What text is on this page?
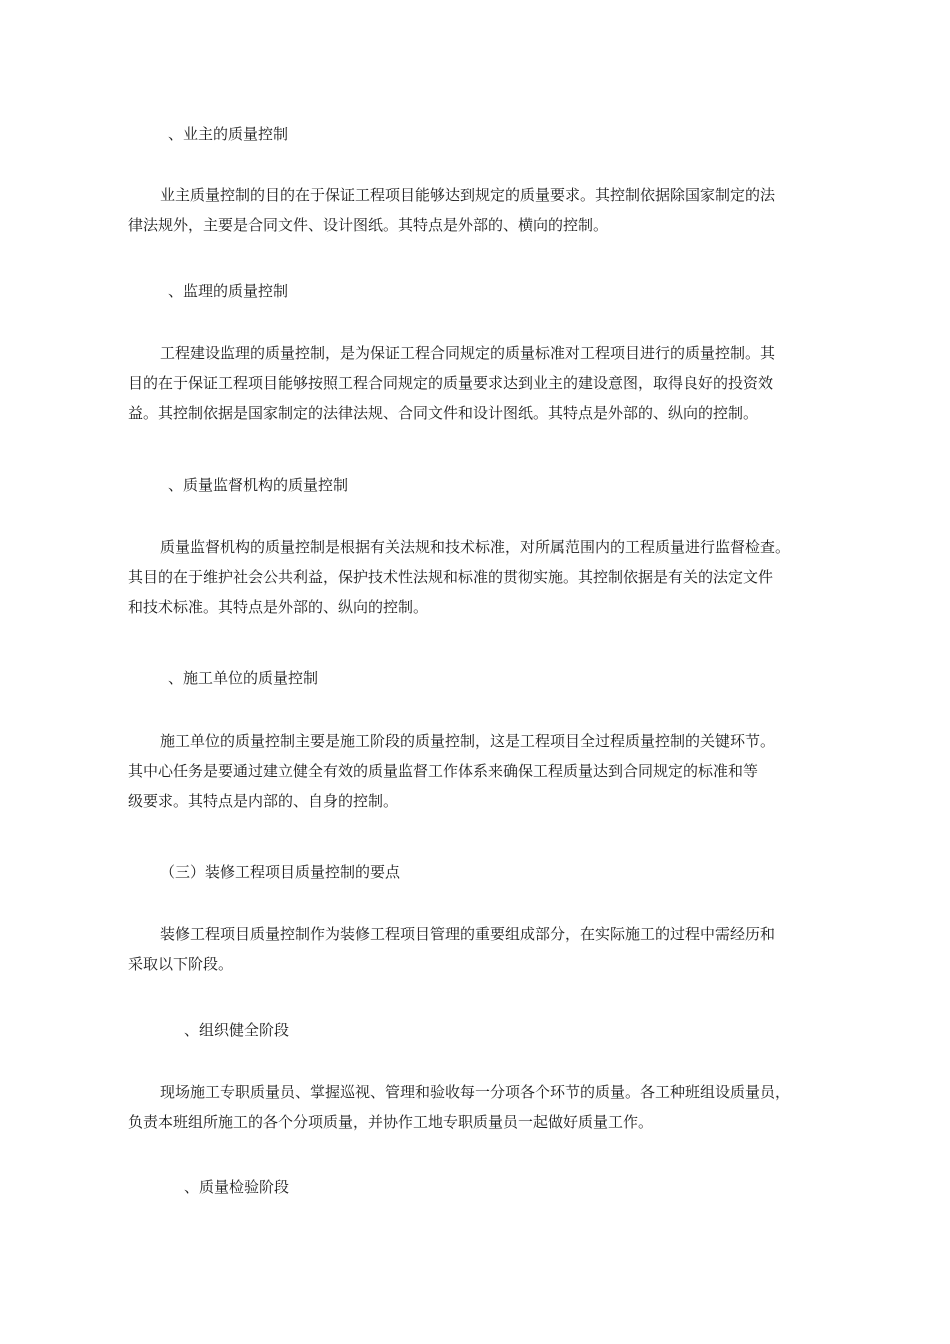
、业主的质量控制
业主质量控制的目的在于保证工程项目能够达到规定的质量要求。其控制依据除国家制定的法
律法规外，主要是合同文件、设计图纸。其特点是外部的、横向的控制。
、监理的质量控制
工程建设监理的质量控制，是为保证工程合同规定的质量标准对工程项目进行的质量控制。其
目的在于保证工程项目能够按照工程合同规定的质量要求达到业主的建设意图，取得良好的投资效
益。其控制依据是国家制定的法律法规、合同文件和设计图纸。其特点是外部的、纵向的控制。
、质量监督机构的质量控制
质量监督机构的质量控制是根据有关法规和技术标准，对所属范围内的工程质量进行监督检查。
其目的在于维护社会公共利益，保护技术性法规和标准的贯彻实施。其控制依据是有关的法定文件
和技术标准。其特点是外部的、纵向的控制。
、施工单位的质量控制
施工单位的质量控制主要是施工阶段的质量控制，这是工程项目全过程质量控制的关键环节。
其中心任务是要通过建立健全有效的质量监督工作体系来确保工程质量达到合同规定的标准和等
级要求。其特点是内部的、自身的控制。
（三）装修工程项目质量控制的要点
装修工程项目质量控制作为装修工程项目管理的重要组成部分，在实际施工的过程中需经历和
采取以下阶段。
、组织健全阶段
现场施工专职质量员、掌握巡视、管理和验收每一分项各个环节的质量。各工种班组设质量员，
负责本班组所施工的各个分项质量，并协作工地专职质量员一起做好质量工作。
、质量检验阶段
